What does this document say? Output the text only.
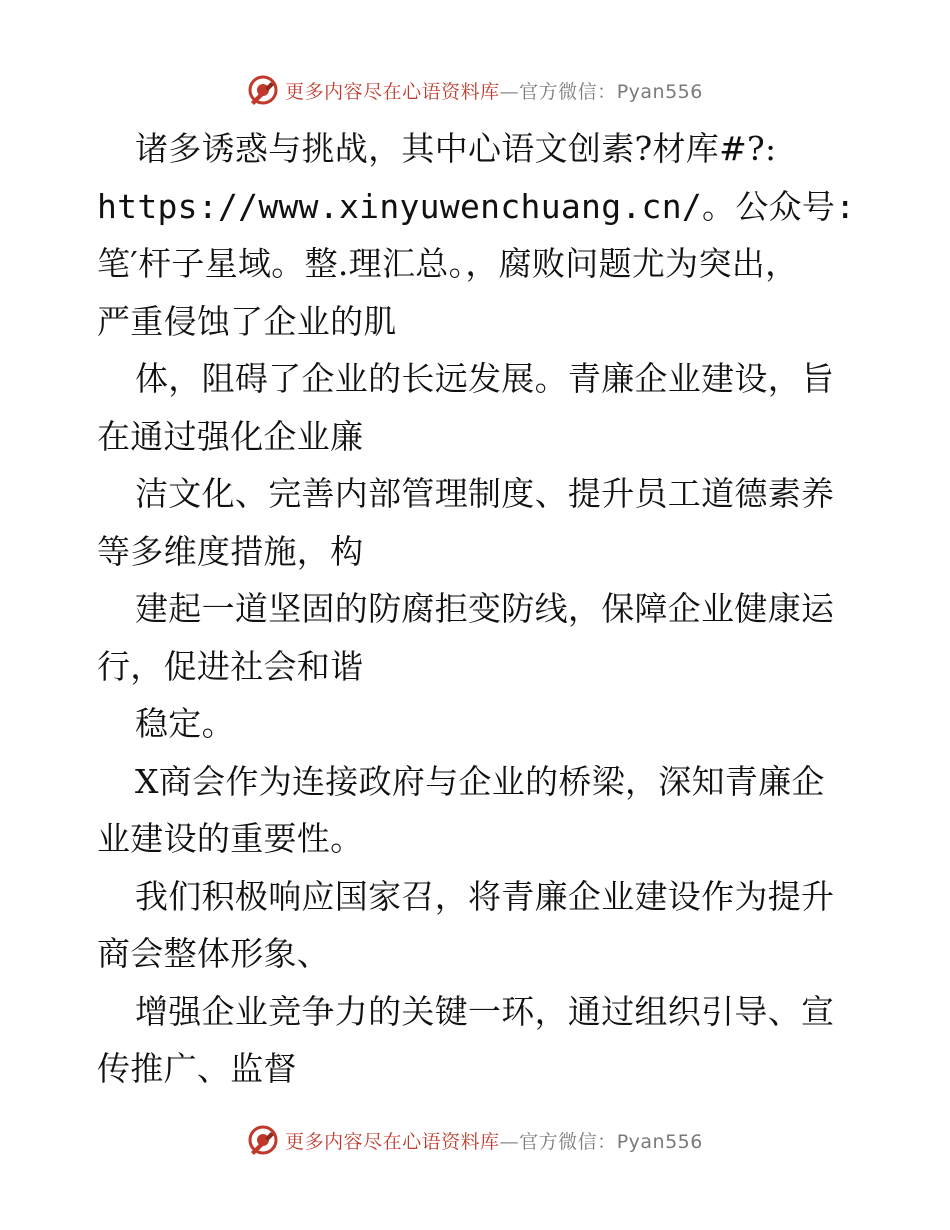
更多内容尽在心语资料库—官方微信：Pyan556
诸多诱惑与挑战，其中心语文创素?材库#?:
https://www.xinyuwenchuang.cn/。公众号:
笔′杆子星域。整.理汇总。，腐败问题尤为突出，
严重侵蚀了企业的肌
体，阻碍了企业的长远发展。青廉企业建设，旨
在通过强化企业廉
洁文化、完善内部管理制度、提升员工道德素养
等多维度措施，构
建起一道坚固的防腐拒变防线，保障企业健康运
行，促进社会和谐
稳定。
X商会作为连接政府与企业的桥梁，深知青廉企
业建设的重要性。
我们积极响应国家召，将青廉企业建设作为提升
商会整体形象、
增强企业竞争力的关键一环，通过组织引导、宣
传推广、监督
更多内容尽在心语资料库—官方微信：Pyan556
